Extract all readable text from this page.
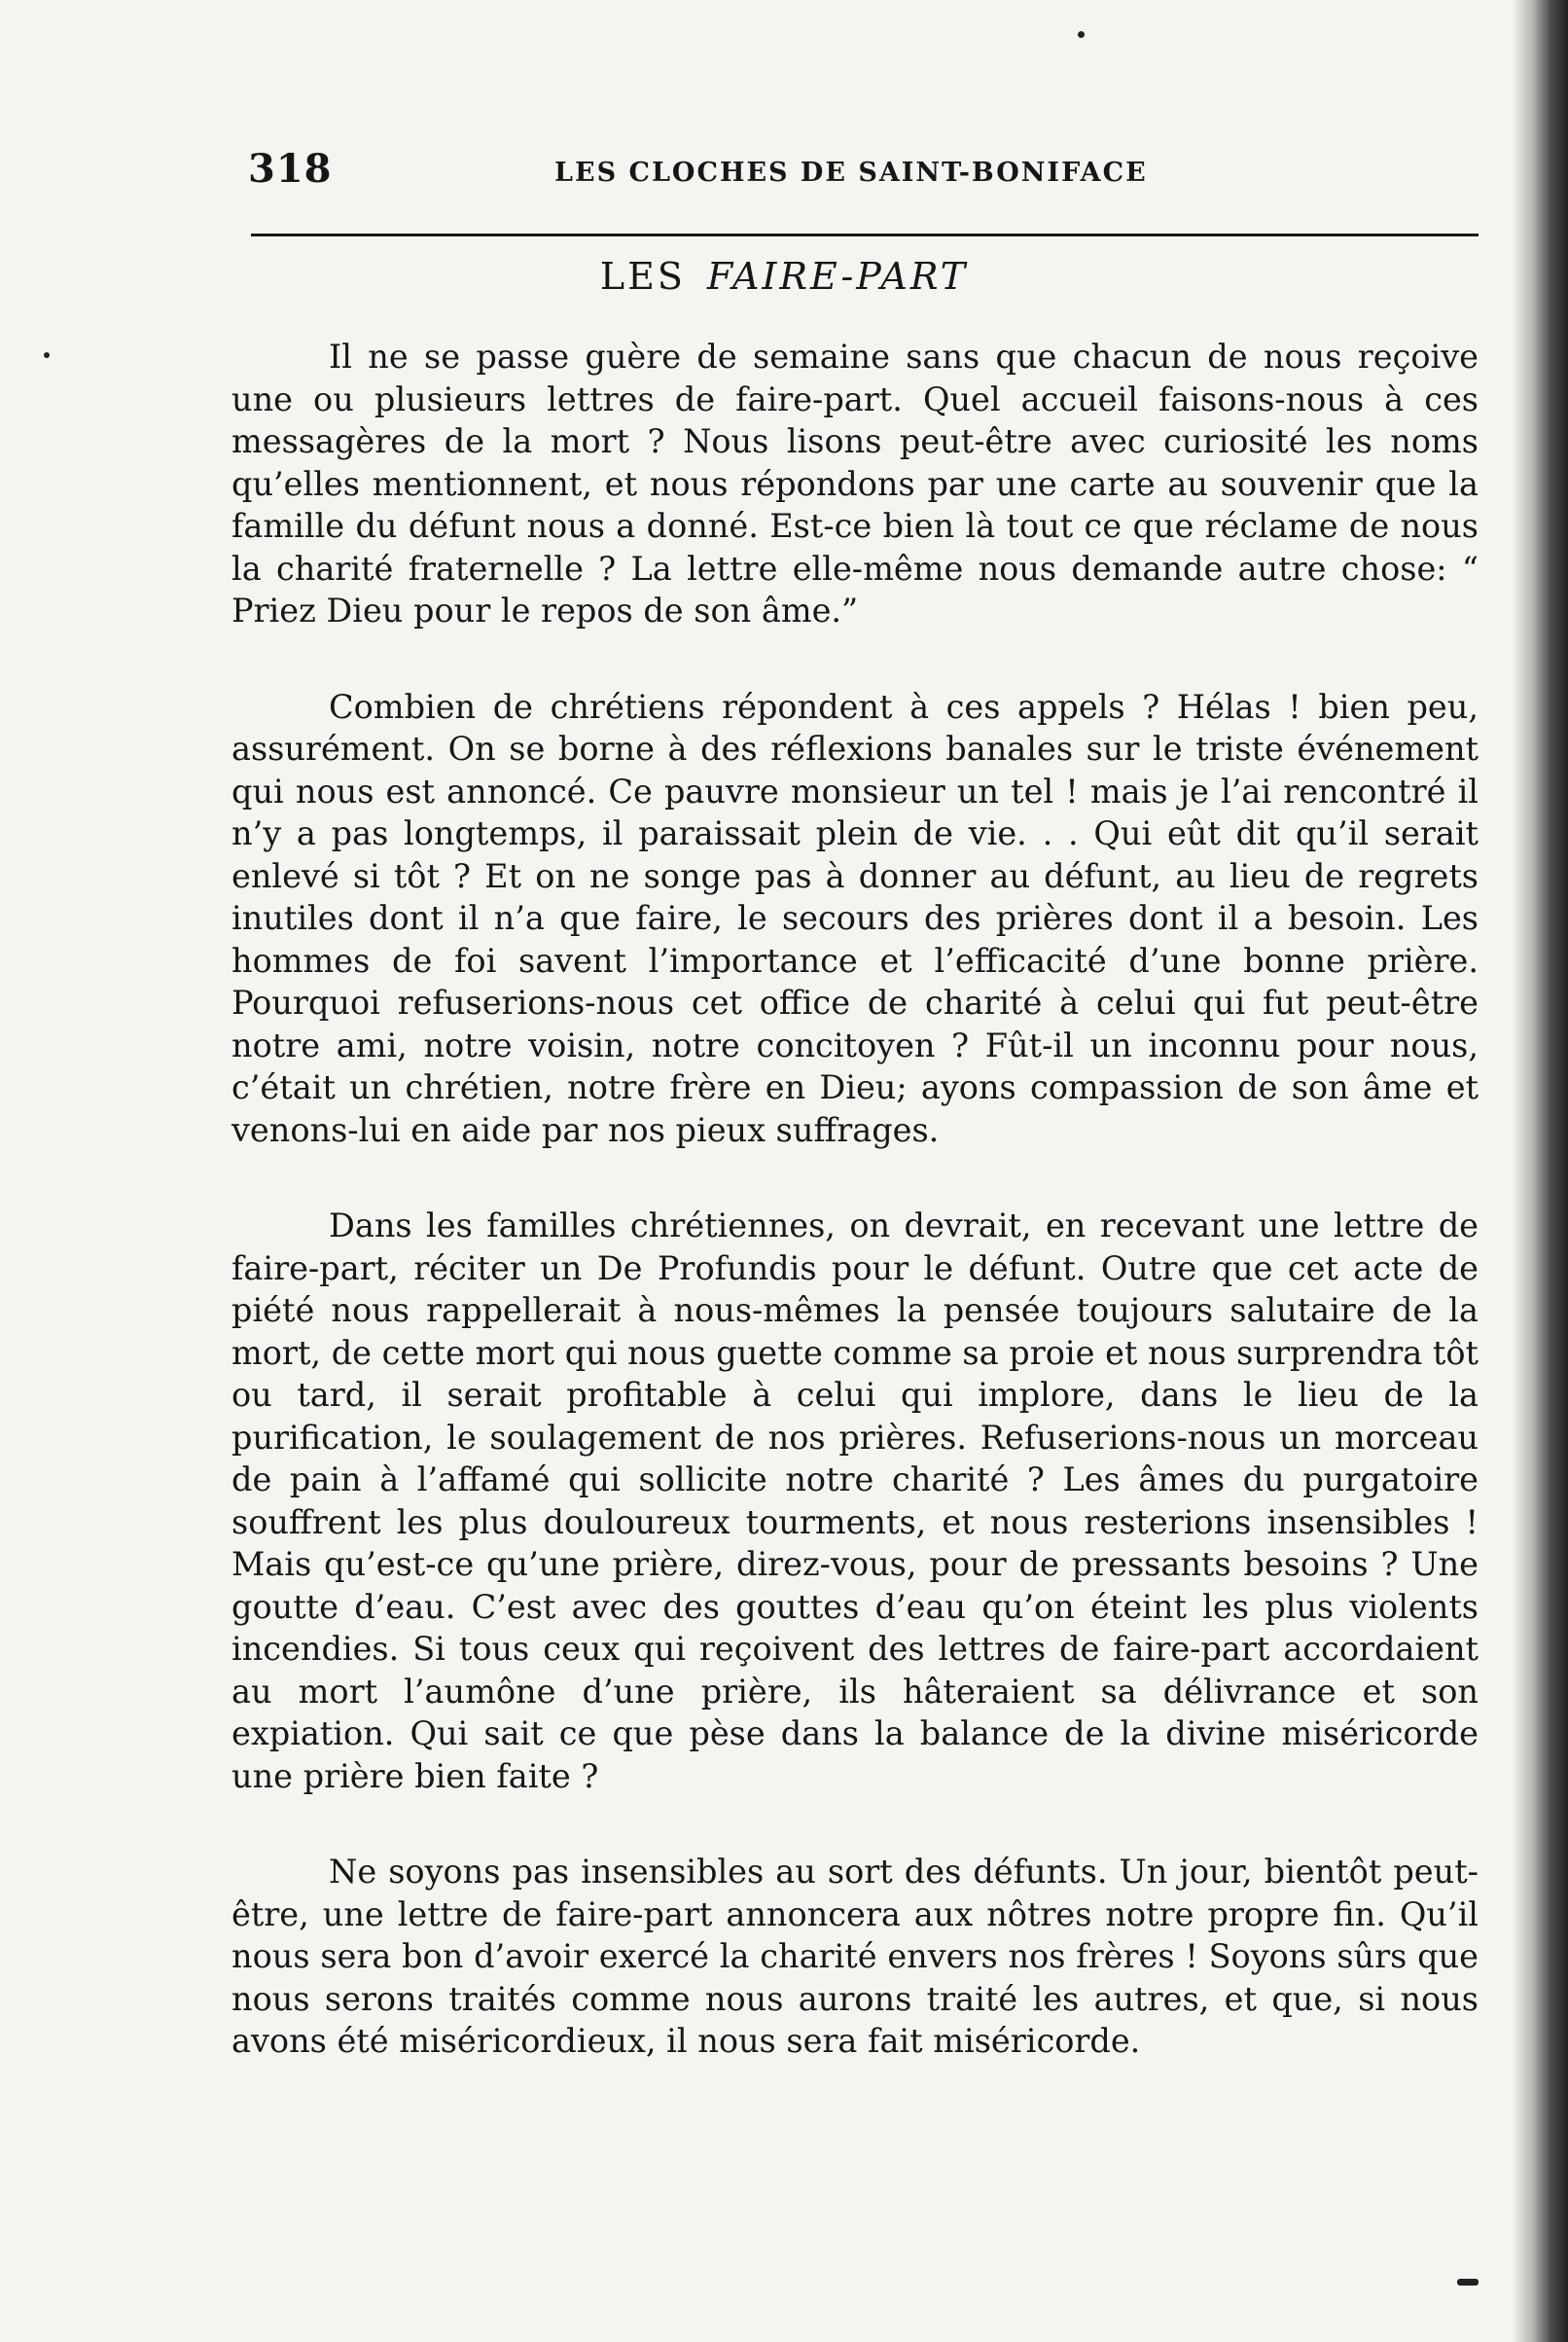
318	LES CLOCHES DE SAINT-BONIFACE
LES FAIRE-PART

Il ne se passe guère de semaine sans que chacun de nous reçoive une ou plusieurs lettres de faire-part. Quel accueil faisons-nous à ces messagères de la mort ? Nous lisons peut-être avec curiosité les noms qu’elles mentionnent, et nous répondons par une carte au souvenir que la famille du défunt nous a donné. Est-ce bien là tout ce que réclame de nous la charité fraternelle ? La lettre elle-même nous demande autre chose: “ Priez Dieu pour le repos de son âme.”

Combien de chrétiens répondent à ces appels ? Hélas ! bien peu, assurément. On se borne à des réflexions banales sur le triste événement qui nous est annoncé. Ce pauvre monsieur un tel ! mais je l’ai rencontré il n’y a pas longtemps, il paraissait plein de vie. . . Qui eût dit qu’il serait enlevé si tôt ? Et on ne songe pas à donner au défunt, au lieu de regrets inutiles dont il n’a que faire, le secours des prières dont il a besoin. Les hommes de foi savent l’importance et l’efficacité d’une bonne prière. Pourquoi refuserions-nous cet office de charité à celui qui fut peut-être notre ami, notre voisin, notre concitoyen ? Fût-il un inconnu pour nous, c’était un chrétien, notre frère en Dieu; ayons compassion de son âme et venons-lui en aide par nos pieux suffrages.

Dans les familles chrétiennes, on devrait, en recevant une lettre de faire-part, réciter un De Profundis pour le défunt. Outre que cet acte de piété nous rappellerait à nous-mêmes la pensée toujours salutaire de la mort, de cette mort qui nous guette comme sa proie et nous surprendra tôt ou tard, il serait profitable à celui qui implore, dans le lieu de la purification, le soulagement de nos prières. Refuserions-nous un morceau de pain à l’affamé qui sollicite notre charité ? Les âmes du purgatoire souffrent les plus douloureux tourments, et nous resterions insensibles ! Mais qu’est-ce qu’une prière, direz-vous, pour de pressants besoins ? Une goutte d’eau. C’est avec des gouttes d’eau qu’on éteint les plus violents incendies. Si tous ceux qui reçoivent des lettres de faire-part accordaient au mort l’aumône d’une prière, ils hâteraient sa délivrance et son expiation. Qui sait ce que pèse dans la balance de la divine miséricorde une prière bien faite ?

Ne soyons pas insensibles au sort des défunts. Un jour, bientôt peut-être, une lettre de faire-part annoncera aux nôtres notre propre fin. Qu’il nous sera bon d’avoir exercé la charité envers nos frères ! Soyons sûrs que nous serons traités comme nous aurons traité les autres, et que, si nous avons été miséricordieux, il nous sera fait miséricorde.
